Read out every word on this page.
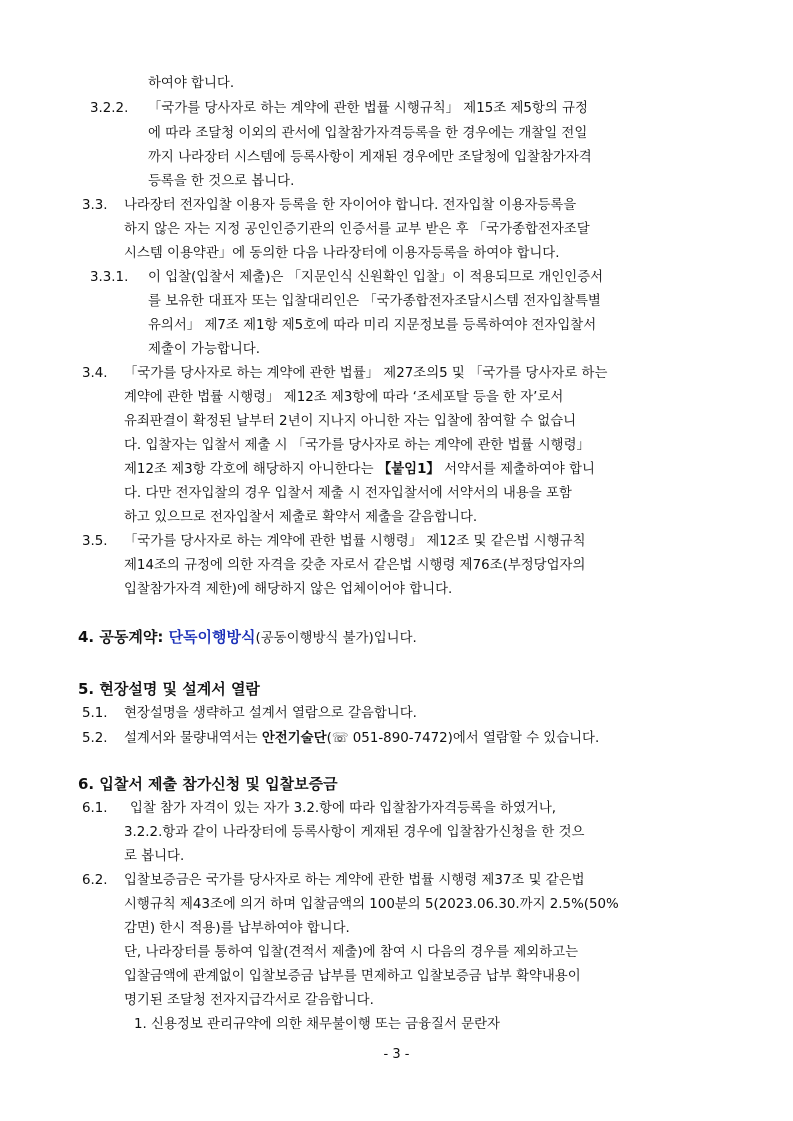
하여야 합니다.
3.2.2. 「국가를 당사자로 하는 계약에 관한 법률 시행규칙」 제15조 제5항의 규정
에 따라 조달청 이외의 관서에 입찰참가자격등록을 한 경우에는 개찰일 전일
까지 나라장터 시스템에 등록사항이 게재된 경우에만 조달청에 입찰참가자격
등록을 한 것으로 봅니다.
3.3. 나라장터 전자입찰 이용자 등록을 한 자이어야 합니다. 전자입찰 이용자등록을
하지 않은 자는 지정 공인인증기관의 인증서를 교부 받은 후 「국가종합전자조달
시스템 이용약관」에 동의한 다음 나라장터에 이용자등록을 하여야 합니다.
3.3.1. 이 입찰(입찰서 제출)은 「지문인식 신원확인 입찰」이 적용되므로 개인인증서
를 보유한 대표자 또는 입찰대리인은 「국가종합전자조달시스템 전자입찰특별
유의서」 제7조 제1항 제5호에 따라 미리 지문정보를 등록하여야 전자입찰서
제출이 가능합니다.
3.4. 「국가를 당사자로 하는 계약에 관한 법률」 제27조의5 및 「국가를 당사자로 하는
계약에 관한 법률 시행령」 제12조 제3항에 따라 ‘조세포탈 등을 한 자’로서
유죄판결이 확정된 날부터 2년이 지나지 아니한 자는 입찰에 참여할 수 없습니
다. 입찰자는 입찰서 제출 시 「국가를 당사자로 하는 계약에 관한 법률 시행령」
제12조 제3항 각호에 해당하지 아니한다는 【붙임1】 서약서를 제출하여야 합니
다. 다만 전자입찰의 경우 입찰서 제출 시 전자입찰서에 서약서의 내용을 포함
하고 있으므로 전자입찰서 제출로 확약서 제출을 갈음합니다.
3.5. 「국가를 당사자로 하는 계약에 관한 법률 시행령」 제12조 및 같은법 시행규칙
제14조의 규정에 의한 자격을 갖춘 자로서 같은법 시행령 제76조(부정당업자의
입찰참가자격 제한)에 해당하지 않은 업체이어야 합니다.
4. 공동계약: 단독이행방식(공동이행방식 불가)입니다.
5. 현장설명 및 설계서 열람
5.1. 현장설명을 생략하고 설계서 열람으로 갈음합니다.
5.2. 설계서와 물량내역서는 안전기술단(☏ 051-890-7472)에서 열람할 수 있습니다.
6. 입찰서 제출 참가신청 및 입찰보증금
6.1. 입찰 참가 자격이 있는 자가 3.2.항에 따라 입찰참가자격등록을 하였거나,
3.2.2.항과 같이 나라장터에 등록사항이 게재된 경우에 입찰참가신청을 한 것으
로 봅니다.
6.2. 입찰보증금은 국가를 당사자로 하는 계약에 관한 법률 시행령 제37조 및 같은법
시행규칙 제43조에 의거 하며 입찰금액의 100분의 5(2023.06.30.까지 2.5%(50%
감면) 한시 적용)를 납부하여야 합니다.
단, 나라장터를 통하여 입찰(견적서 제출)에 참여 시 다음의 경우를 제외하고는
입찰금액에 관계없이 입찰보증금 납부를 면제하고 입찰보증금 납부 확약내용이
명기된 조달청 전자지급각서로 갈음합니다.
1. 신용정보 관리규약에 의한 채무불이행 또는 금융질서 문란자
- 3 -
